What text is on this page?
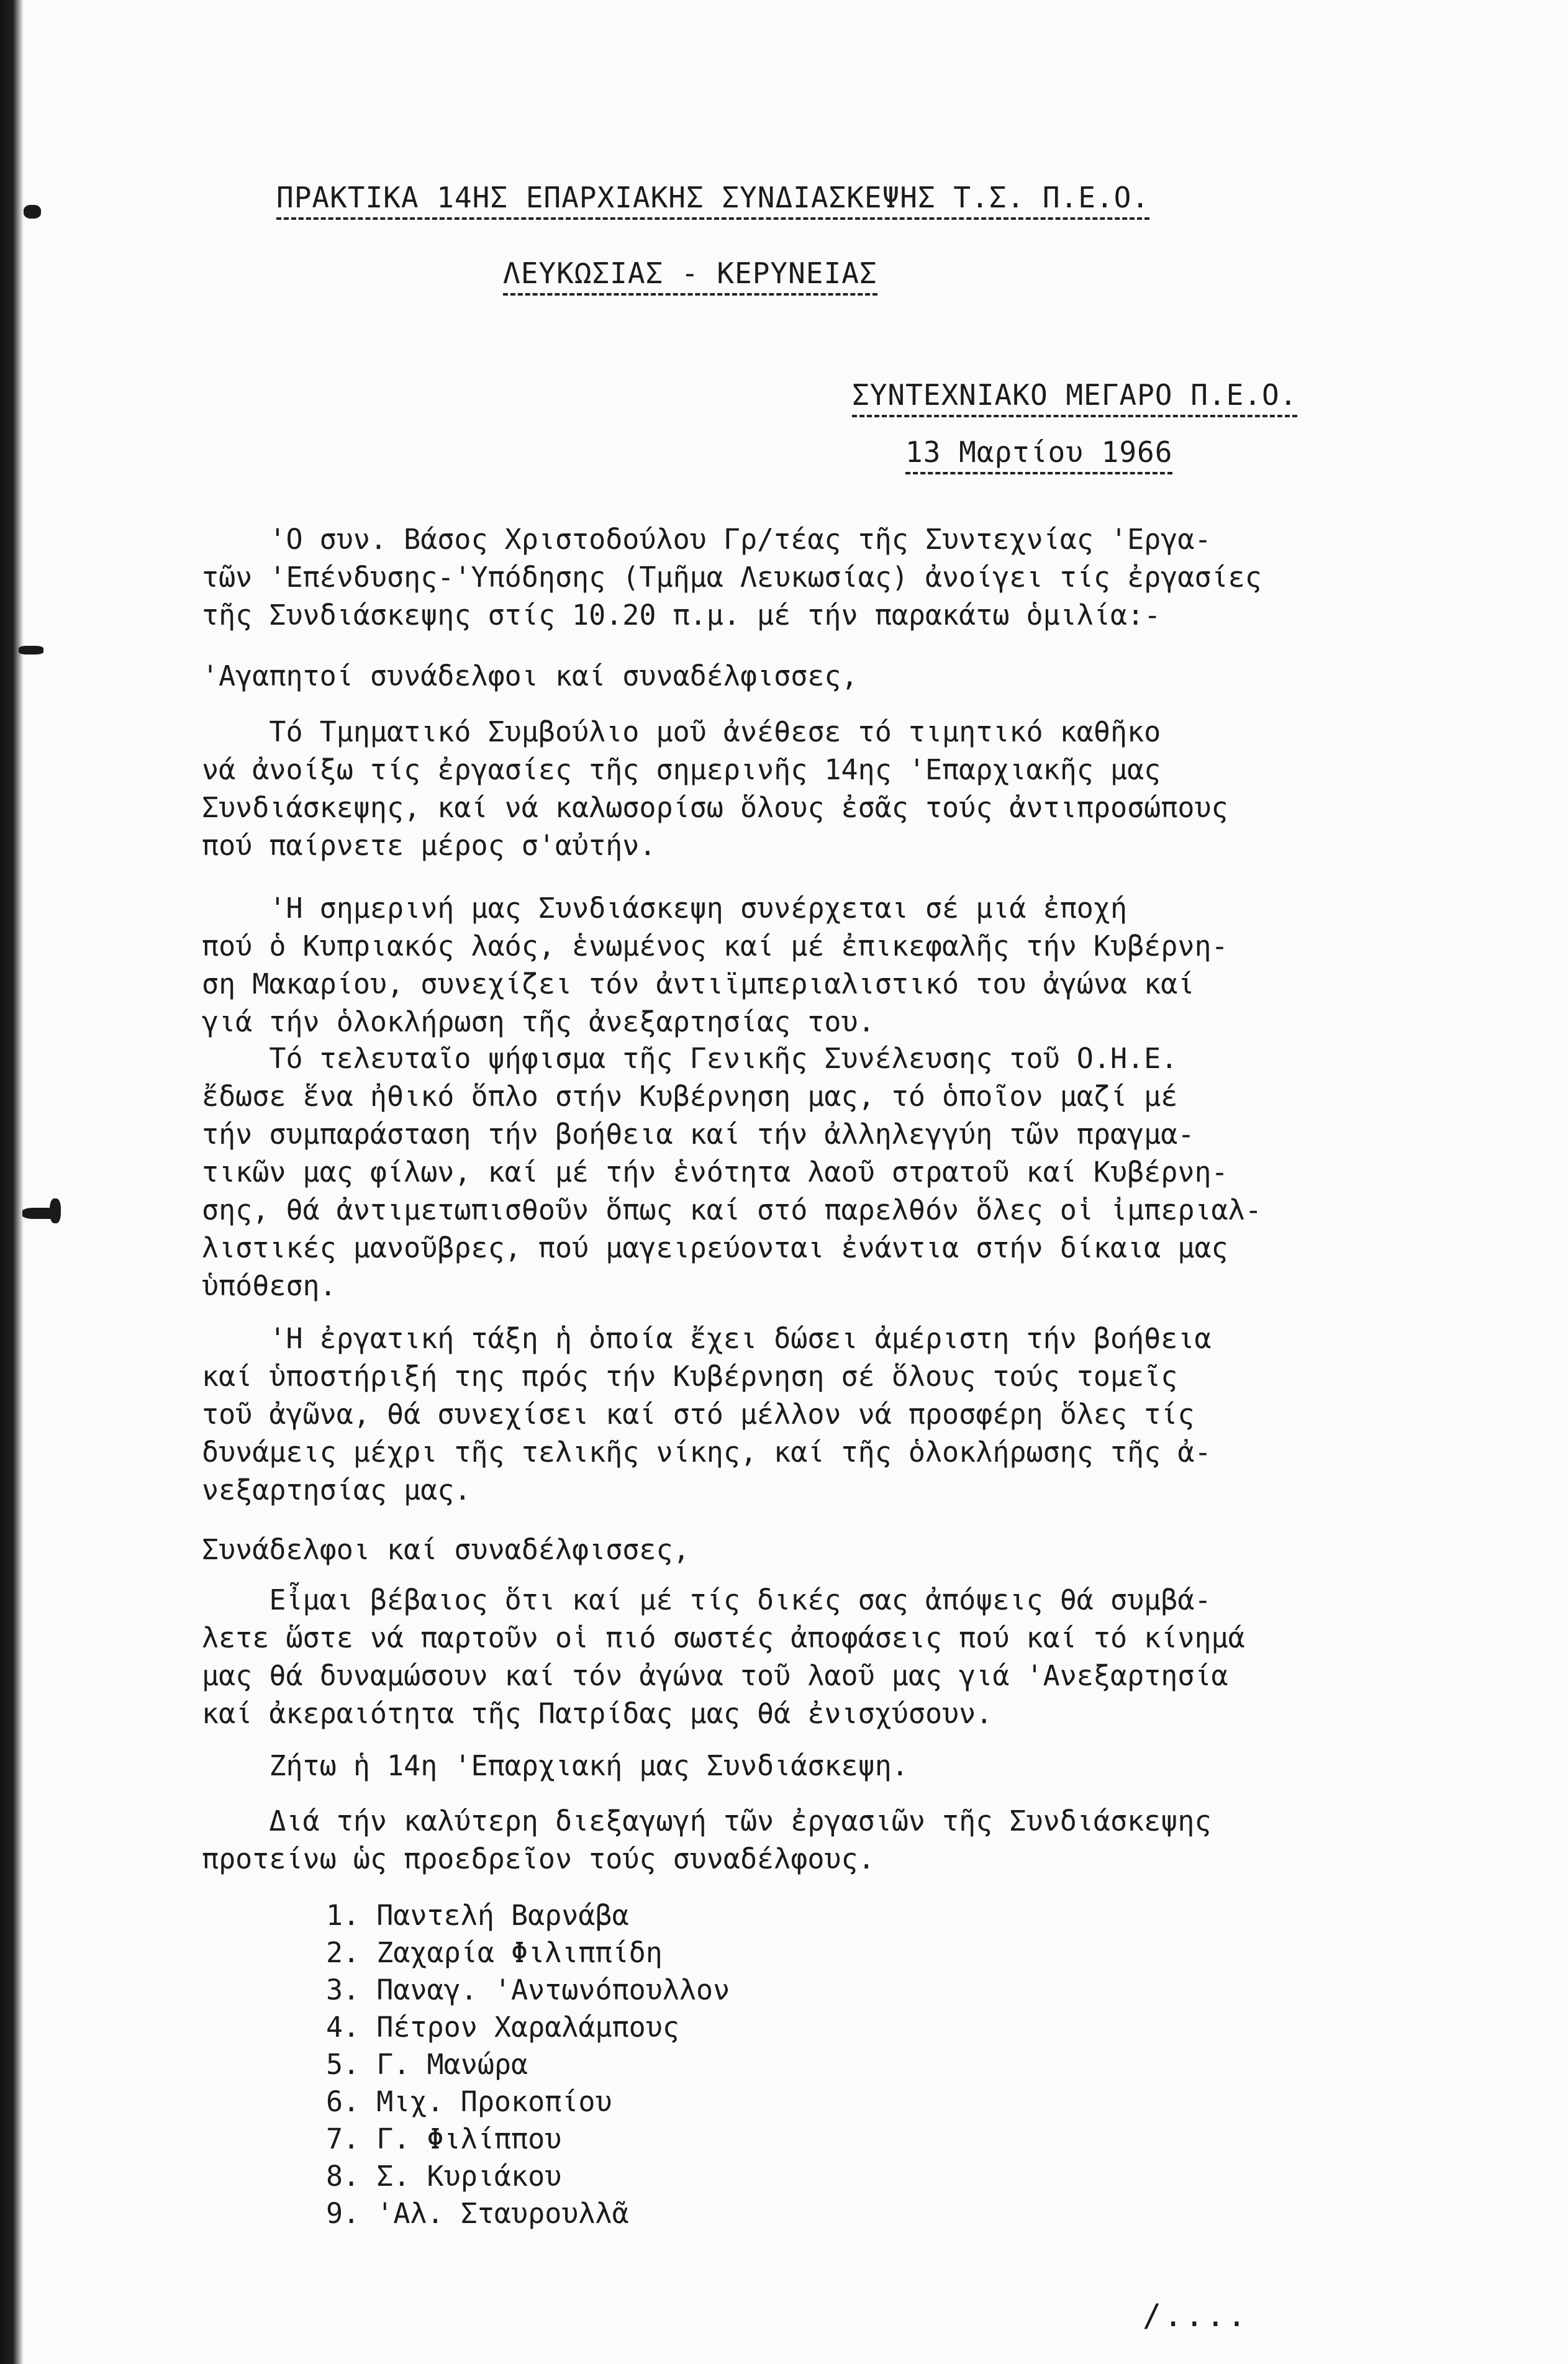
ΠΡΑΚΤΙΚΑ 14ΗΣ ΕΠΑΡΧΙΑΚΗΣ ΣΥΝΔΙΑΣΚΕΨΗΣ Τ.Σ. Π.Ε.Ο.
ΛΕΥΚΩΣΙΑΣ - ΚΕΡΥΝΕΙΑΣ
ΣΥΝΤΕΧΝΙΑΚΟ ΜΕΓΑΡΟ Π.Ε.Ο.
13 Μαρτίου 1966
'Ο συν. Βάσος Χριστοδούλου Γρ/τέας τῆς Συντεχνίας 'Εργα-
τῶν 'Επένδυσης-'Υπόδησης (Τμῆμα Λευκωσίας) ἀνοίγει τίς ἐργασίες
τῆς Συνδιάσκεψης στίς 10.20 π.μ. μέ τήν παρακάτω ὁμιλία:-
'Αγαπητοί συνάδελφοι καί συναδέλφισσες,
Τό Τμηματικό Συμβούλιο μοῦ ἀνέθεσε τό τιμητικό καθῆκο
νά ἀνοίξω τίς ἐργασίες τῆς σημερινῆς 14ης 'Επαρχιακῆς μας
Συνδιάσκεψης, καί νά καλωσορίσω ὅλους ἐσᾶς τούς ἀντιπροσώπους
πού παίρνετε μέρος σ'αὐτήν.
'Η σημερινή μας Συνδιάσκεψη συνέρχεται σέ μιά ἐποχή
πού ὁ Κυπριακός λαός, ἑνωμένος καί μέ ἐπικεφαλῆς τήν Κυβέρνη-
ση Μακαρίου, συνεχίζει τόν ἀντιϊμπεριαλιστικό του ἀγώνα καί
γιά τήν ὁλοκλήρωση τῆς ἀνεξαρτησίας του.
Τό τελευταῖο ψήφισμα τῆς Γενικῆς Συνέλευσης τοῦ Ο.Η.Ε.
ἔδωσε ἕνα ἠθικό ὅπλο στήν Κυβέρνηση μας, τό ὁποῖον μαζί μέ
τήν συμπαράσταση τήν βοήθεια καί τήν ἀλληλεγγύη τῶν πραγμα-
τικῶν μας φίλων, καί μέ τήν ἑνότητα λαοῦ στρατοῦ καί Κυβέρνη-
σης, θά ἀντιμετωπισθοῦν ὅπως καί στό παρελθόν ὅλες οἱ ἰμπεριαλ-
λιστικές μανοῦβρες, πού μαγειρεύονται ἐνάντια στήν δίκαια μας
ὑπόθεση.
'Η ἐργατική τάξη ἡ ὁποία ἔχει δώσει ἀμέριστη τήν βοήθεια
καί ὑποστήριξή της πρός τήν Κυβέρνηση σέ ὅλους τούς τομεῖς
τοῦ ἀγῶνα, θά συνεχίσει καί στό μέλλον νά προσφέρη ὅλες τίς
δυνάμεις μέχρι τῆς τελικῆς νίκης, καί τῆς ὁλοκλήρωσης τῆς ἀ-
νεξαρτησίας μας.
Συνάδελφοι καί συναδέλφισσες,
Εἶμαι βέβαιος ὅτι καί μέ τίς δικές σας ἀπόψεις θά συμβά-
λετε ὥστε νά παρτοῦν οἱ πιό σωστές ἀποφάσεις πού καί τό κίνημά
μας θά δυναμώσουν καί τόν ἀγώνα τοῦ λαοῦ μας γιά 'Ανεξαρτησία
καί ἀκεραιότητα τῆς Πατρίδας μας θά ἐνισχύσουν.
Ζήτω ἡ 14η 'Επαρχιακή μας Συνδιάσκεψη.
Διά τήν καλύτερη διεξαγωγή τῶν ἐργασιῶν τῆς Συνδιάσκεψης
προτείνω ὡς προεδρεῖον τούς συναδέλφους.
1. Παντελή Βαρνάβα
2. Ζαχαρία Φιλιππίδη
3. Παναγ. 'Αντωνόπουλλον
4. Πέτρον Χαραλάμπους
5. Γ. Μανώρα
6. Μιχ. Προκοπίου
7. Γ. Φιλίππου
8. Σ. Κυριάκου
9. 'Αλ. Σταυρουλλᾶ
/....
